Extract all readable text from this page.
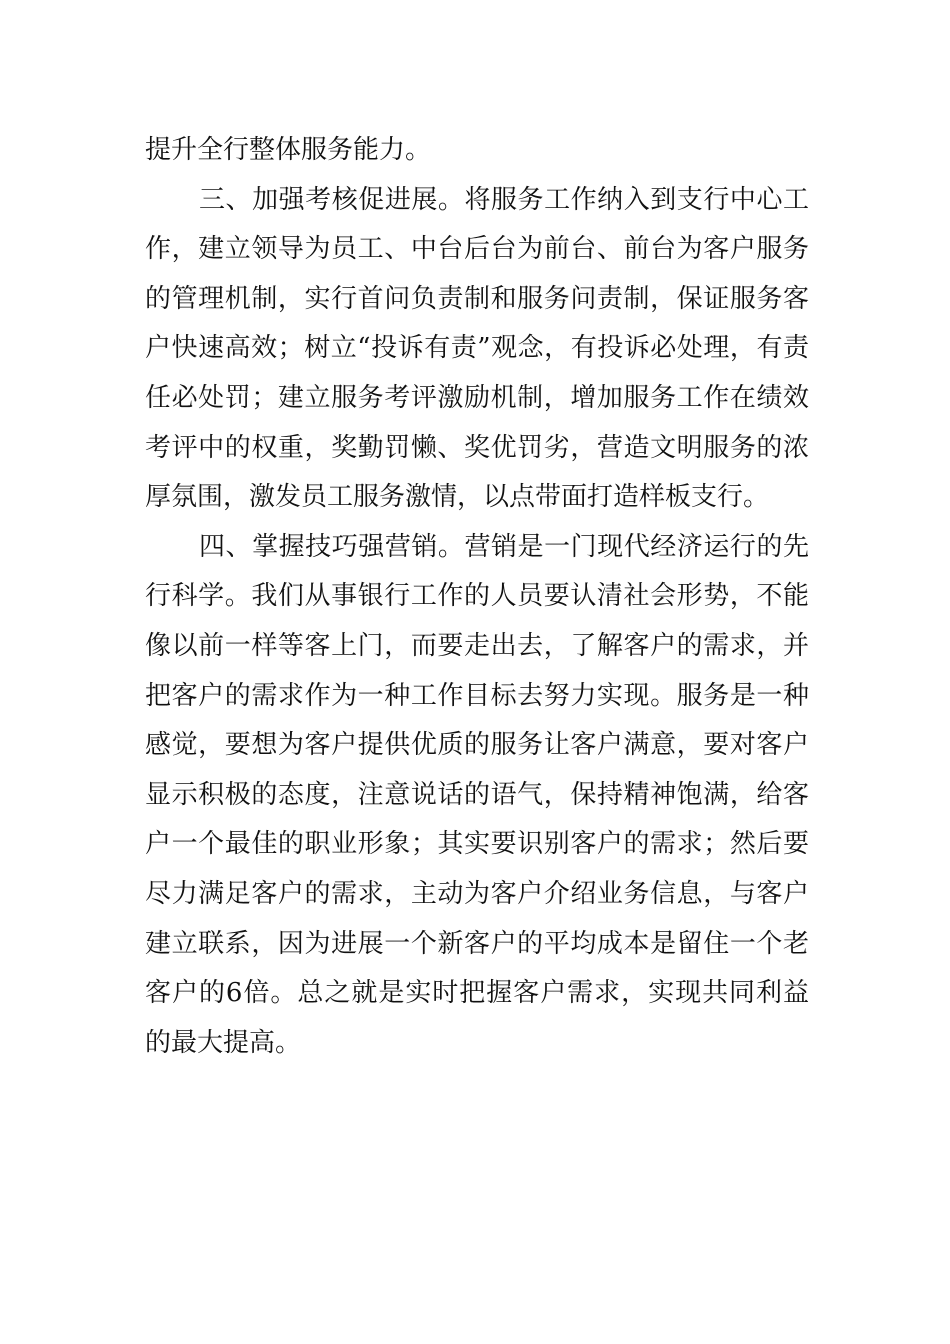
提升全行整体服务能力。

三、加强考核促进展。将服务工作纳入到支行中心工作，建立领导为员工、中台后台为前台、前台为客户服务的管理机制，实行首问负责制和服务问责制，保证服务客户快速高效；树立“投诉有责”观念，有投诉必处理，有责任必处罚；建立服务考评激励机制，增加服务工作在绩效考评中的权重，奖勤罚懒、奖优罚劣，营造文明服务的浓厚氛围，激发员工服务激情，以点带面打造样板支行。

四、掌握技巧强营销。营销是一门现代经济运行的先行科学。我们从事银行工作的人员要认清社会形势，不能像以前一样等客上门，而要走出去，了解客户的需求，并把客户的需求作为一种工作目标去努力实现。服务是一种感觉，要想为客户提供优质的服务让客户满意，要对客户显示积极的态度，注意说话的语气，保持精神饱满，给客户一个最佳的职业形象；其实要识别客户的需求；然后要尽力满足客户的需求，主动为客户介绍业务信息，与客户建立联系，因为进展一个新客户的平均成本是留住一个老客户的6倍。总之就是实时把握客户需求，实现共同利益的最大提高。
